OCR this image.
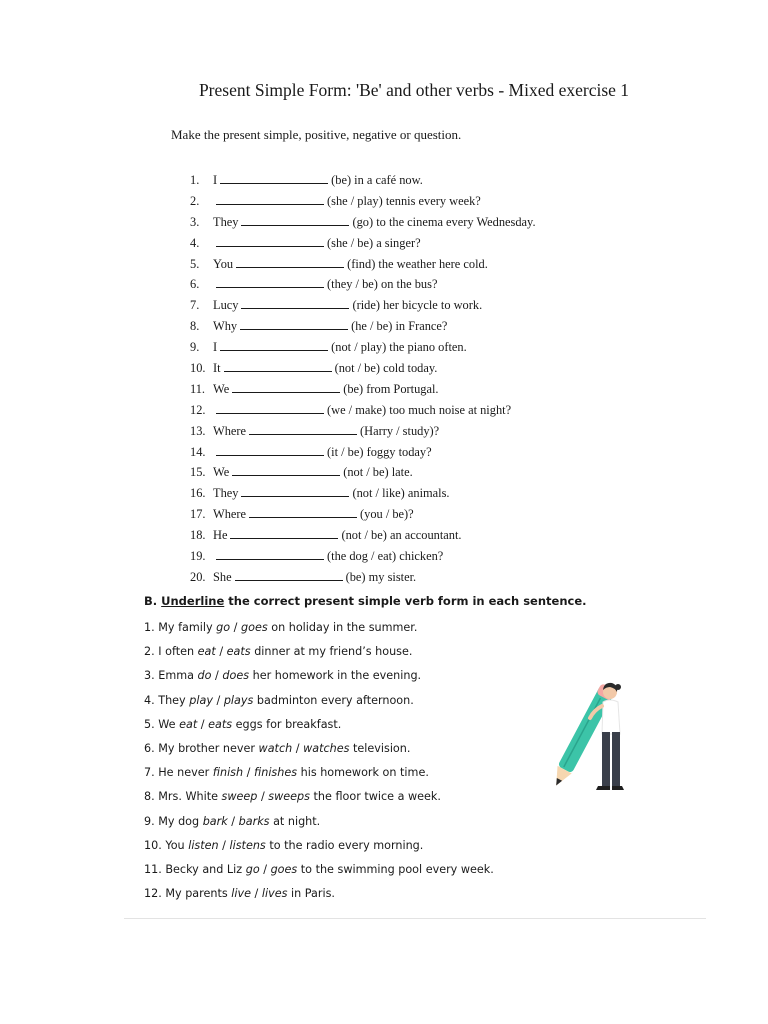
Present Simple Form: 'Be' and other verbs - Mixed exercise 1
Make the present simple, positive, negative or question.
1. I	(be) in a café now.
2.	(she / play) tennis every week?
3. They	(go) to the cinema every Wednesday.
4.	(she / be) a singer?
5. You	(find) the weather here cold.
6.	(they / be) on the bus?
7. Lucy	(ride) her bicycle to work.
8. Why	(he / be) in France?
9. I	(not / play) the piano often.
10. It	(not / be) cold today.
11. We	(be) from Portugal.
12.	(we / make) too much noise at night?
13. Where	(Harry / study)?
14.	(it / be) foggy today?
15. We	(not / be) late.
16. They	(not / like) animals.
17. Where	(you / be)?
18. He	(not / be) an accountant.
19.	(the dog / eat) chicken?
20. She	(be) my sister.
B. Underline the correct present simple verb form in each sentence.
1. My family go / goes on holiday in the summer.
2. I often eat / eats dinner at my friend’s house.
3. Emma do / does her homework in the evening.
4. They play / plays badminton every afternoon.
5. We eat / eats eggs for breakfast.
6. My brother never watch / watches television.
7. He never finish / finishes his homework on time.
8. Mrs. White sweep / sweeps the floor twice a week.
9. My dog bark / barks at night.
10. You listen / listens to the radio every morning.
11. Becky and Liz go / goes to the swimming pool every week.
12. My parents live / lives in Paris.
